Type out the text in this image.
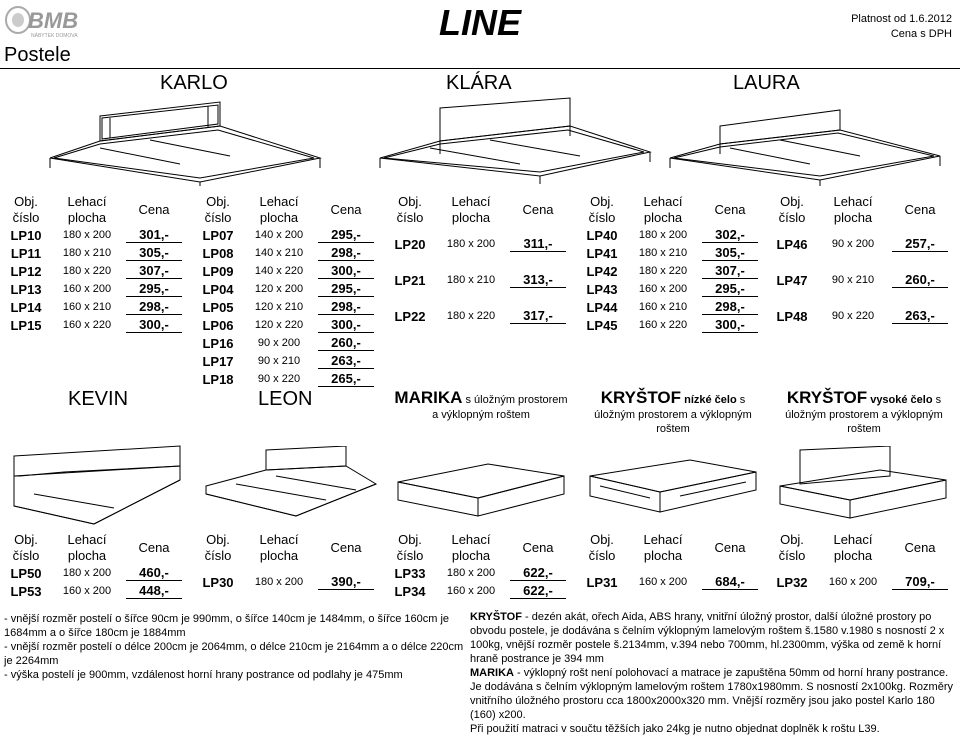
BMB
NÁBYTEK DOMOVA	LINE	Platnost od 1.6.2012
Cena s DPH
Postele
KARLO	KLÁRA	LAURA
Obj.
číslo
Lehací
plocha
Cena
LP10	180 x 200	301,-
LP11	180 x 210	305,-
LP12	180 x 220	307,-
LP13	160 x 200	295,-
LP14	160 x 210	298,-
LP15	160 x 220	300,-
Obj.
číslo
Lehací
plocha
Cena
LP07	140 x 200	295,-
LP08	140 x 210	298,-
LP09	140 x 220	300,-
LP04	120 x 200	295,-
LP05	120 x 210	298,-
LP06	120 x 220	300,-
LP16	90 x 200	260,-
LP17	90 x 210	263,-
LP18	90 x 220	265,-
Obj.
číslo
Lehací
plocha
Cena
LP20	180 x 200	311,-
LP21	180 x 210	313,-
LP22	180 x 220	317,-
Obj.
číslo
Lehací
plocha
Cena
LP40	180 x 200	302,-
LP41	180 x 210	305,-
LP42	180 x 220	307,-
LP43	160 x 200	295,-
LP44	160 x 210	298,-
LP45	160 x 220	300,-
Obj.
číslo
Lehací
plocha
Cena
LP46	90 x 200	257,-
LP47	90 x 210	260,-
LP48	90 x 220	263,-
KEVIN	LEON	MARIKA s úložným prostorem
a výklopným roštem
KRYŠTOF nízké čelo s
úložným prostorem a výklopným
roštem
KRYŠTOF vysoké čelo s
úložným prostorem a výklopným
roštem
Obj.
číslo
Lehací
plocha
Cena
LP50	180 x 200	460,-
LP53	160 x 200	448,-
Obj.
číslo
Lehací
plocha
Cena
LP30	180 x 200	390,-
Obj.
číslo
Lehací
plocha
Cena
LP33	180 x 200	622,-
LP34	160 x 200	622,-
Obj.
číslo
Lehací
plocha
Cena
LP31	160 x 200	684,-
Obj.
číslo
Lehací
plocha
Cena
LP32	160 x 200	709,-
- vnější rozměr postelí o šířce 90cm je 990mm, o šířce 140cm je 1484mm, o šířce 160cm je 1684mm a o šířce 180cm je 1884mm
- vnější rozměr postelí o délce 200cm je 2064mm, o délce 210cm je 2164mm a o délce 220cm je 2264mm
- výška postelí je 900mm, vzdálenost horní hrany postrance od podlahy je 475mm
KRYŠTOF - dezén akát, ořech Aida, ABS hrany, vnitřní úložný prostor, další úložné prostory po obvodu postele, je dodávána s čelním výklopným lamelovým roštem š.1580 v.1980 s nosností 2 x 100kg, vnější rozměr postele š.2134mm, v.394 nebo 700mm, hl.2300mm, výška od země k horní hraně postrance je 394 mm
MARIKA - výklopný rošt není polohovací a matrace je zapuštěna 50mm od horní hrany postrance. Je dodávána s čelním výklopným lamelovým roštem 1780x1980mm. S nosností 2x100kg. Rozměry vnitřního úložného prostoru cca 1800x2000x320 mm. Vnější rozměry jsou jako postel Karlo 180 (160) x200.
Při použití matraci v součtu těžších jako 24kg je nutno objednat doplněk k roštu L39.
